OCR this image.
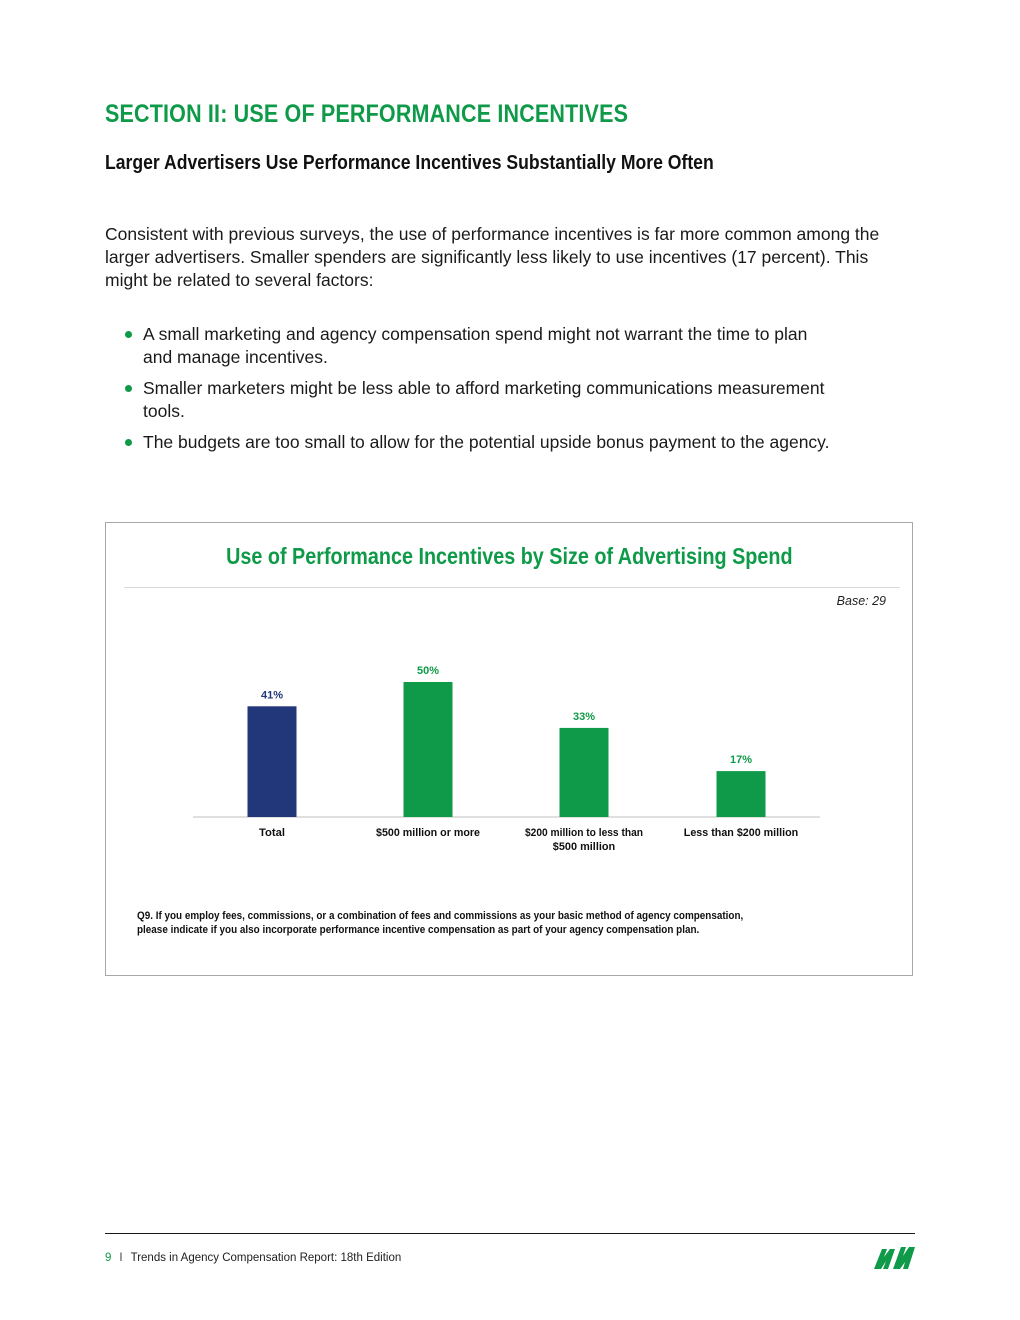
SECTION II: USE OF PERFORMANCE INCENTIVES
Larger Advertisers Use Performance Incentives Substantially More Often

Consistent with previous surveys, the use of performance incentives is far more common among the larger advertisers. Smaller spenders are significantly less likely to use incentives (17 percent). This might be related to several factors:

A small marketing and agency compensation spend might not warrant the time to plan and manage incentives.
Smaller marketers might be less able to afford marketing communications measurement tools.
The budgets are too small to allow for the potential upside bonus payment to the agency.
Use of Performance Incentives by Size of Advertising Spend
Base: 29
41%
Total
50%
$500 million or more
33%
$200 million to less than
$500 million
17%
Less than $200 million

Q9. If you employ fees, commissions, or a combination of fees and commissions as your basic method of agency compensation, please indicate if you also incorporate performance incentive compensation as part of your agency compensation plan.

9 I Trends in Agency Compensation Report: 18th Edition
ANA
